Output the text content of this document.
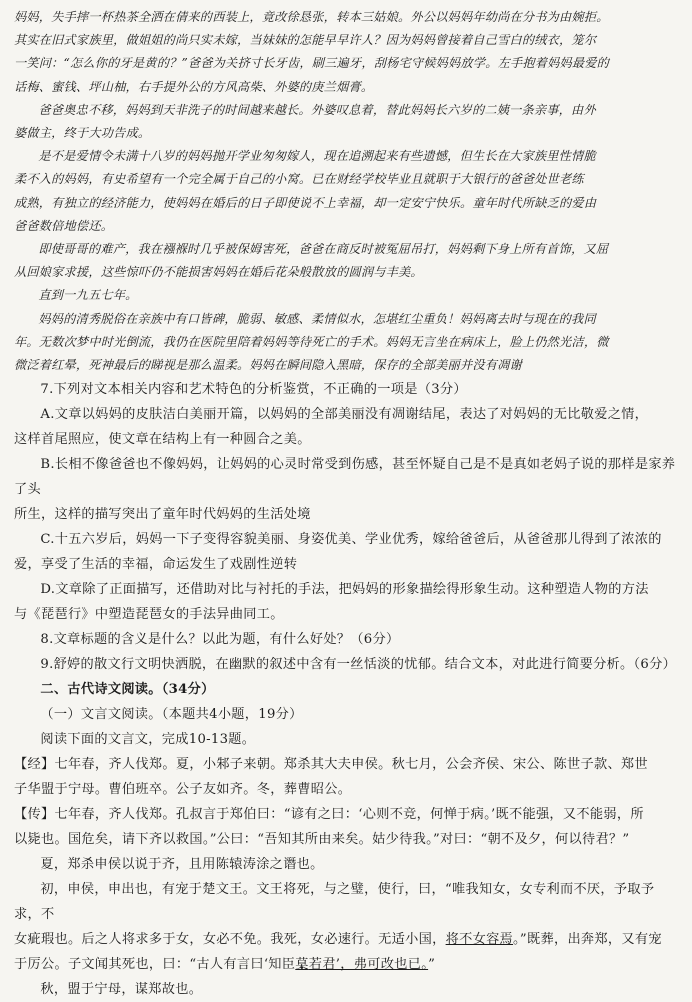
妈妈，失手摔一杯热茶全洒在倩来的西装上，竟改徐恳张，转本三姑娘。外公以妈妈年幼尚在分书为由婉拒。

其实在旧式家族里，做姐姐的尚只实未嫁，当妹妹的怎能早早许人？因为妈妈曾接着自己雪白的绒衣，笼尔

一笑问：“怎么你的牙是黄的？”爸爸为关挤寸长牙齿，刷三遍牙，刮杨宅守候妈妈放学。左手抱着妈妈最爱的

话梅、蜜钱、坪山柚，右手提外公的方风高柴、外婆的庚兰烟膏。

爸爸奥忠不移，妈妈到天非洗子的时间越来越长。外婆叹息着，替此妈妈长六岁的二姨一条亲事，由外

婆做主，终于大功告成。

是不是爱情令未满十八岁的妈妈抛开学业匆匆嫁人，现在追溯起来有些遗憾，但生长在大家族里性情脆

柔不入的妈妈，有史希望有一个完全属于自己的小窝。已在财经学校毕业且就职于大银行的爸爸处世老练

成熟，有独立的经济能力，使妈妈在婚后的日子即使说不上幸福，却一定安宁快乐。童年时代所缺乏的爱由

爸爸数倍地偿还。

即使哥哥的难产，我在襁褓时几乎被保姆害死，爸爸在商反时被冤屈吊打，妈妈剩下身上所有首饰，又屈

从回娘家求援，这些惊吓仍不能损害妈妈在婚后花朵般散放的圆润与丰美。

直到一九五七年。

妈妈的清秀脱俗在亲族中有口皆碑，脆弱、敏感、柔情似水，怎堪红尘重负！妈妈离去时与现在的我同

年。无数次梦中时光倒流，我仍在医院里陪着妈妈等待死亡的手术。妈妈无言坐在病床上，脸上仍然光洁，微

微泛着红晕，死神最后的睇视是那么温柔。妈妈在瞬间隐入黑暗，保存的全部美丽并没有凋谢

7.下列对文本相关内容和艺术特色的分析鉴赏，不正确的一项是（3分）

A.文章以妈妈的皮肤洁白美丽开篇，以妈妈的全部美丽没有凋谢结尾，表达了对妈妈的无比敬爱之情，

这样首尾照应，使文章在结构上有一种圆合之美。

B.长相不像爸爸也不像妈妈，让妈妈的心灵时常受到伤感，甚至怀疑自己是不是真如老妈子说的那样是家养了头

所生，这样的描写突出了童年时代妈妈的生活处境

C.十五六岁后，妈妈一下子变得容貌美丽、身姿优美、学业优秀，嫁给爸爸后，从爸爸那儿得到了浓浓的

爱，享受了生活的幸福，命运发生了戏剧性逆转

D.文章除了正面描写，还借助对比与衬托的手法，把妈妈的形象描绘得形象生动。这种塑造人物的方法

与《琵琶行》中塑造琵琶女的手法异曲同工。

8.文章标题的含义是什么？以此为题，有什么好处？（6分）

9.舒婷的散文行文明快洒脱，在幽默的叙述中含有一丝恬淡的忧郁。结合文本，对此进行简要分析。（6分）

二、古代诗文阅读。（34分）

（一）文言文阅读。（本题共4小题，19分）

阅读下面的文言文，完成10-13题。

【经】七年春，齐人伐郑。夏，小邾子来朝。郑杀其大夫申侯。秋七月，公会齐侯、宋公、陈世子款、郑世

子华盟于宁母。曹伯班卒。公子友如齐。冬，葬曹昭公。

【传】七年春，齐人伐郑。孔叔言于郑伯曰：“谚有之曰：‘心则不竞，何惮于病。’既不能强，又不能弱，所

以毙也。国危矣，请下齐以救国。”公曰：“吾知其所由来矣。姑少待我。”对曰：“朝不及夕，何以待君？”

夏，郑杀申侯以说于齐，且用陈辕涛涂之谮也。

初，申侯，申出也，有宠于楚文王。文王将死，与之璧，使行，曰，“唯我知女，女专利而不厌，予取予求，不

女疵瑕也。后之人将求多于女，女必不免。我死，女必速行。无适小国，将不女容焉。”既葬，出奔郑，又有宠

于厉公。子文闻其死也，曰：“古人有言曰‘知臣莫若君’，弗可改也已。”

秋，盟于宁母，谋郑故也。
